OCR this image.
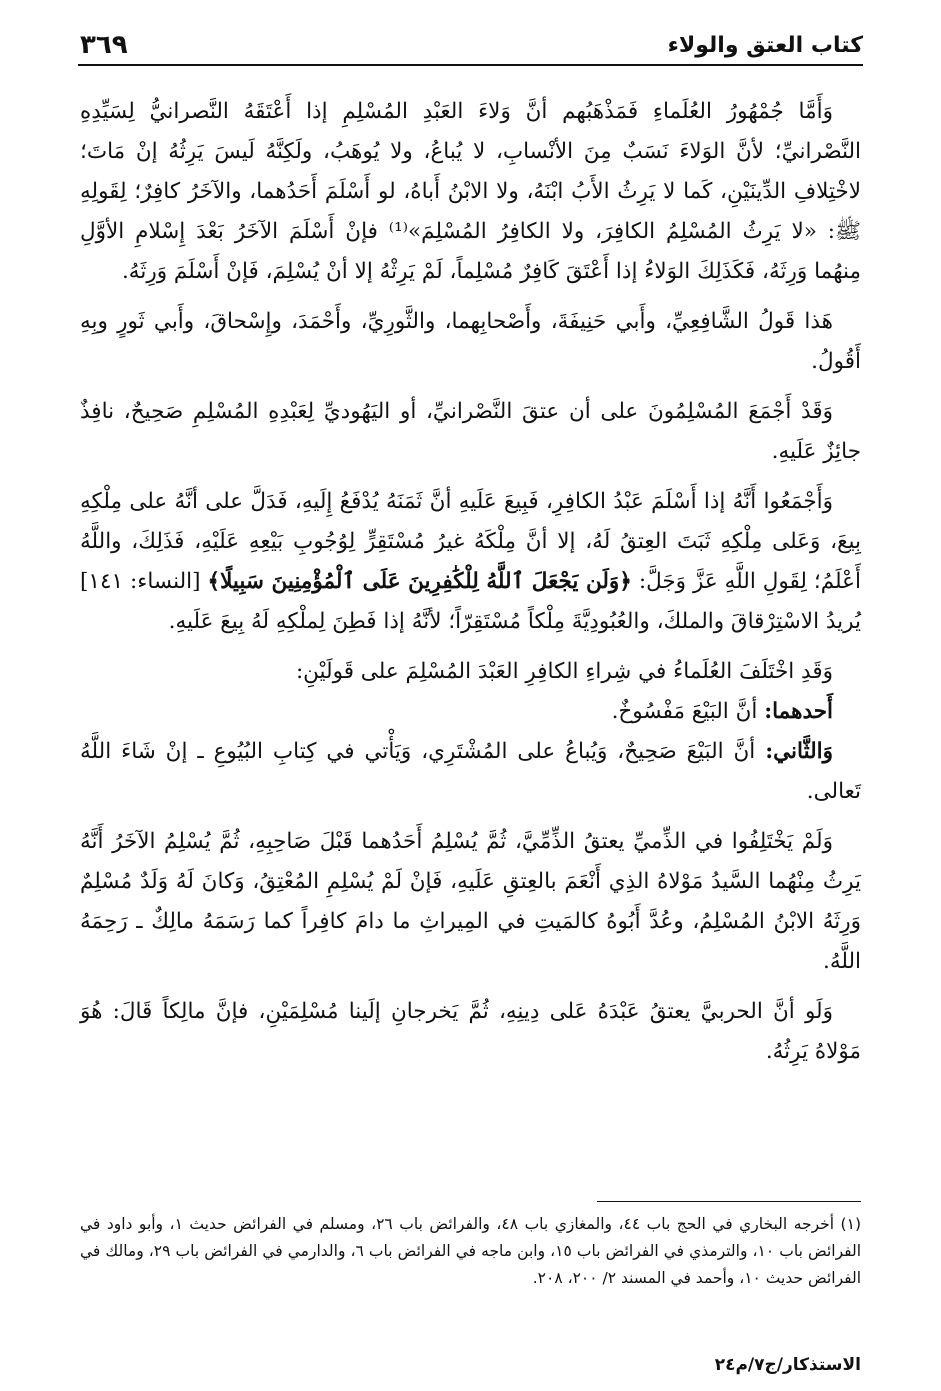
كتاب العتق والولاء
٣٦٩

وَأَمَّا جُمْهُورُ العُلَماءِ فَمَذْهَبُهم أنَّ وَلاءَ العَبْدِ المُسْلِمِ إذا أَعْتَقَهُ النَّصرانيُّ لِسَيِّدِهِ النَّصْرانيِّ؛ لأنَّ الوَلاءَ نَسَبٌ مِنَ الأنْسابِ، لا يُباعُ، ولا يُوهَبُ، ولَكِنَّهُ لَيسَ يَرِثُهُ إنْ مَاتَ؛ لاخْتِلافِ الدِّينَيْنِ، كَما لا يَرِثُ الأَبُ ابْنَهُ، ولا الابْنُ أَباهُ، لو أَسْلَمَ أَحَدُهما، والآخَرُ كافِرٌ؛ لِقَولِهِ ﷺ: «لا يَرِثُ المُسْلِمُ الكافِرَ، ولا الكافِرُ المُسْلِمَ»⁽¹⁾ فإنْ أَسْلَمَ الآخَرُ بَعْدَ إِسْلامِ الأوَّلِ مِنهُما وَرِثَهُ، فَكَذَلِكَ الوَلاءُ إذا أَعْتَقَ كَافِرٌ مُسْلِماً، لَمْ يَرِثْهُ إلا أنْ يُسْلِمَ، فَإنْ أَسْلَمَ وَرِثَهُ.

هَذا قَولُ الشَّافِعِيِّ، وأَبي حَنِيفَةَ، وأَصْحابِهما، والثَّورِيِّ، وأَحْمَدَ، وإِسْحاقَ، وأَبي ثَورٍ وبِهِ أَقُولُ.

وَقَدْ أَجْمَعَ المُسْلِمُونَ على أن عتقَ النَّصْرانيِّ، أو اليَهُوديِّ لِعَبْدِهِ المُسْلِمِ صَحِيحٌ، نافِذٌ جائِزٌ عَلَيهِ.

وَأَجْمَعُوا أَنَّهُ إذا أَسْلَمَ عَبْدُ الكافِرِ، فَبِيعَ عَلَيهِ أنَّ ثَمَنَهُ يُدْفَعُ إِلَيهِ، فَدَلَّ على أنَّهُ على مِلْكِهِ بِيعَ، وَعَلى مِلْكِهِ ثَبَتَ العِتقُ لَهُ، إلا أنَّ مِلْكَهُ غيرُ مُسْتَقِرٍّ لِوُجُوبِ بَيْعِهِ عَلَيْهِ، فَذَلِكَ، واللَّهُ أَعْلَمُ؛ لِقَولِ اللَّهِ عَزَّ وَجَلَّ: ﴿وَلَن يَجْعَلَ ٱللَّهُ لِلْكَٰفِرِينَ عَلَى ٱلْمُؤْمِنِينَ سَبِيلًا﴾ [النساء: ١٤١] يُريدُ الاسْتِرْقاقَ والملكَ، والعُبُودِيَّةَ مِلْكاً مُسْتَقِرّاً؛ لأنَّهُ إذا فَطِنَ لِملْكِهِ لَهُ بِيعَ عَلَيهِ.

وَقَدِ اخْتَلَفَ العُلَماءُ في شِراءِ الكافِرِ العَبْدَ المُسْلِمَ على قَولَيْنِ:

أَحدهما: أنَّ البَيْعَ مَفْسُوخٌ.

وَالثَّاني: أنَّ البَيْعَ صَحِيحٌ، وَيُباعُ على المُشْتَرِي، وَيَأْتي في كِتابِ البُيُوعِ ـ إنْ شَاءَ اللَّهُ تَعالى.

وَلَمْ يَخْتَلِفُوا في الذِّميِّ يعتقُ الذِّمِّيَّ، ثُمَّ يُسْلِمُ أَحَدُهما قَبْلَ صَاحِبِهِ، ثُمَّ يُسْلِمُ الآخَرُ أَنَّهُ يَرِثُ مِنْهُما السَّيدُ مَوْلاهُ الذِي أَنْعَمَ بالعِتقِ عَلَيهِ، فَإنْ لَمْ يُسْلِمِ المُعْتِقُ، وَكانَ لَهُ وَلَدٌ مُسْلِمٌ وَرِثَهُ الابْنُ المُسْلِمُ، وعُدَّ أَبُوهُ كالمَيتِ في المِيراثِ ما دامَ كافِراً كما رَسَمَهُ مالِكٌ ـ رَحِمَهُ اللَّهُ.

وَلَو أنَّ الحربيَّ يعتقُ عَبْدَهُ عَلى دِينِهِ، ثُمَّ يَخرجانِ إلَينا مُسْلِمَيْنِ، فإنَّ مالِكاً قَالَ: هُوَ مَوْلاهُ يَرِثُهُ.

(١) أخرجه البخاري في الحج باب ٤٤، والمغازي باب ٤٨، والفرائض باب ٢٦، ومسلم في الفرائض حديث ١، وأبو داود في الفرائض باب ١٠، والترمذي في الفرائض باب ١٥، وابن ماجه في الفرائض باب ٦، والدارمي في الفرائض باب ٢٩، ومالك في الفرائض حديث ١٠، وأحمد في المسند ٢/ ٢٠٠، ٢٠٨.

الاستذكار/ج٧/م٢٤
